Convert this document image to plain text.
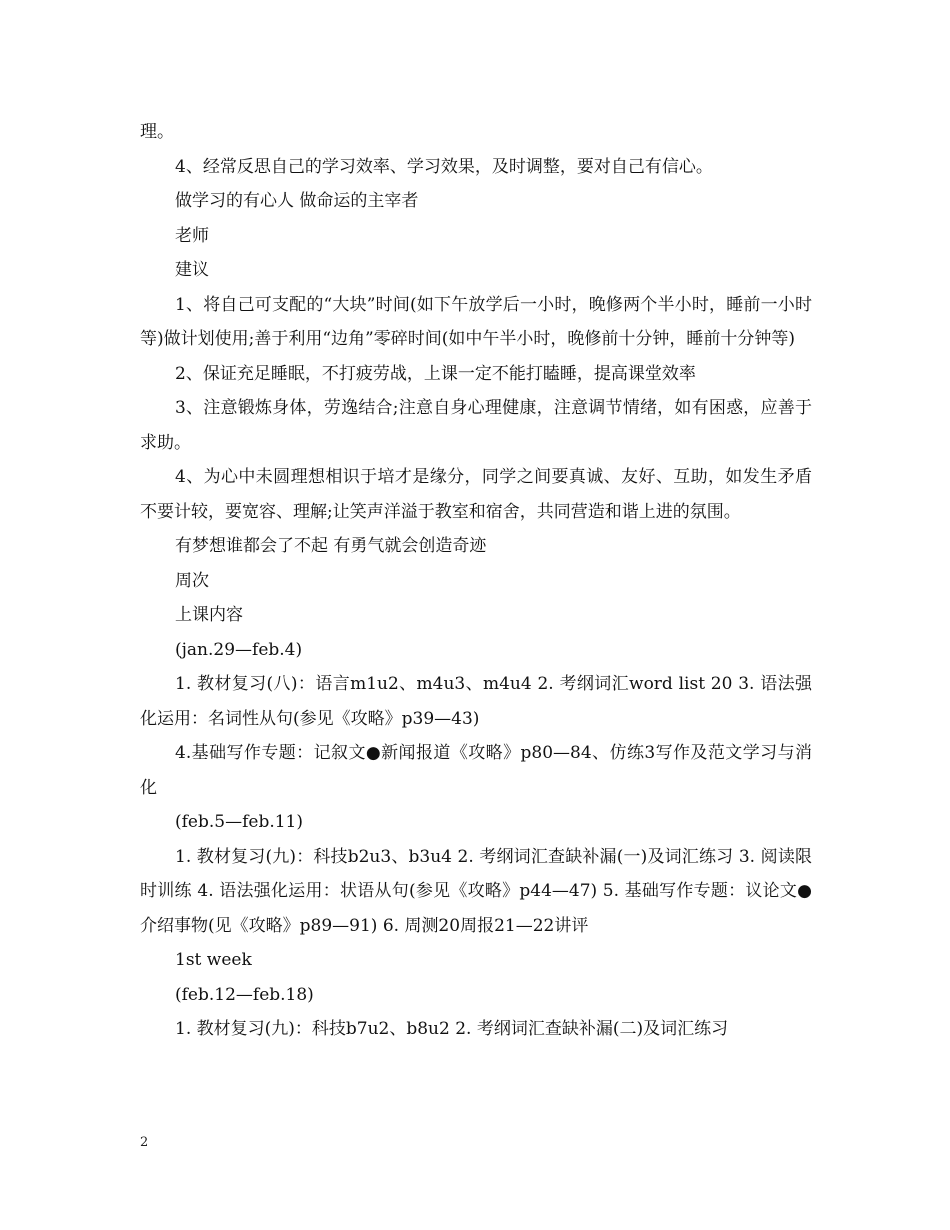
理。

4、经常反思自己的学习效率、学习效果，及时调整，要对自己有信心。

做学习的有心人 做命运的主宰者

老师

建议

1、将自己可支配的“大块”时间(如下午放学后一小时，晚修两个半小时，睡前一小时等)做计划使用;善于利用“边角”零碎时间(如中午半小时，晚修前十分钟，睡前十分钟等)

2、保证充足睡眠，不打疲劳战，上课一定不能打瞌睡，提高课堂效率

3、注意锻炼身体，劳逸结合;注意自身心理健康，注意调节情绪，如有困惑，应善于求助。

4、为心中未圆理想相识于培才是缘分，同学之间要真诚、友好、互助，如发生矛盾不要计较，要宽容、理解;让笑声洋溢于教室和宿舍，共同营造和谐上进的氛围。

有梦想谁都会了不起 有勇气就会创造奇迹

周次

上课内容

(jan.29—feb.4)

1. 教材复习(八)：语言m1u2、m4u3、m4u4 2. 考纲词汇word list 20 3. 语法强化运用：名词性从句(参见《攻略》p39—43)

4.基础写作专题：记叙文●新闻报道《攻略》p80—84、仿练3写作及范文学习与消化

(feb.5—feb.11)

1. 教材复习(九)：科技b2u3、b3u4 2. 考纲词汇查缺补漏(一)及词汇练习 3. 阅读限时训练 4. 语法强化运用：状语从句(参见《攻略》p44—47) 5. 基础写作专题：议论文● 介绍事物(见《攻略》p89—91) 6. 周测20周报21—22讲评

1st week

(feb.12—feb.18)

1. 教材复习(九)：科技b7u2、b8u2 2. 考纲词汇查缺补漏(二)及词汇练习

2
